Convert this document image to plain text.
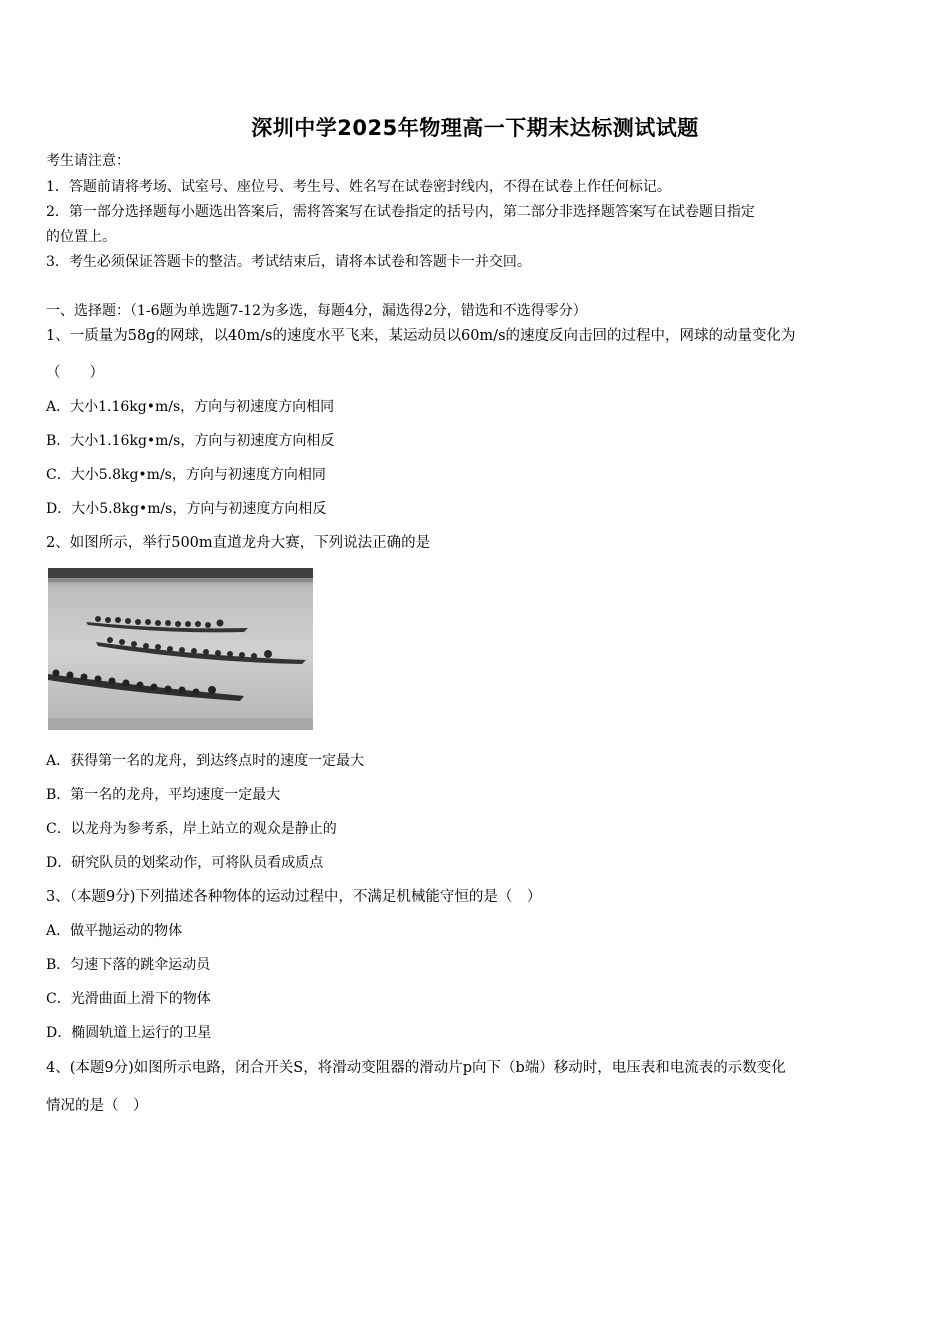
深圳中学2025年物理高一下期末达标测试试题
考生请注意：
1．答题前请将考场、试室号、座位号、考生号、姓名写在试卷密封线内，不得在试卷上作任何标记。
2．第一部分选择题每小题选出答案后，需将答案写在试卷指定的括号内，第二部分非选择题答案写在试卷题目指定
的位置上。
3．考生必须保证答题卡的整洁。考试结束后，请将本试卷和答题卡一并交回。
一、选择题：（1-6题为单选题7-12为多选，每题4分，漏选得2分，错选和不选得零分）
1、一质量为58g的网球，以40m/s的速度水平飞来，某运动员以60m/s的速度反向击回的过程中，网球的动量变化为
（　　）
A．大小1.16kg•m/s，方向与初速度方向相同
B．大小1.16kg•m/s，方向与初速度方向相反
C．大小5.8kg•m/s，方向与初速度方向相同
D．大小5.8kg•m/s，方向与初速度方向相反
2、如图所示，举行500m直道龙舟大赛，下列说法正确的是
A．获得第一名的龙舟，到达终点时的速度一定最大
B．第一名的龙舟，平均速度一定最大
C．以龙舟为参考系，岸上站立的观众是静止的
D．研究队员的划桨动作，可将队员看成质点
3、（本题9分)下列描述各种物体的运动过程中，不满足机械能守恒的是（　）
A．做平抛运动的物体
B．匀速下落的跳伞运动员
C．光滑曲面上滑下的物体
D．椭圆轨道上运行的卫星
4、(本题9分)如图所示电路，闭合开关S，将滑动变阻器的滑动片p向下（b端）移动时，电压表和电流表的示数变化
情况的是（　）
